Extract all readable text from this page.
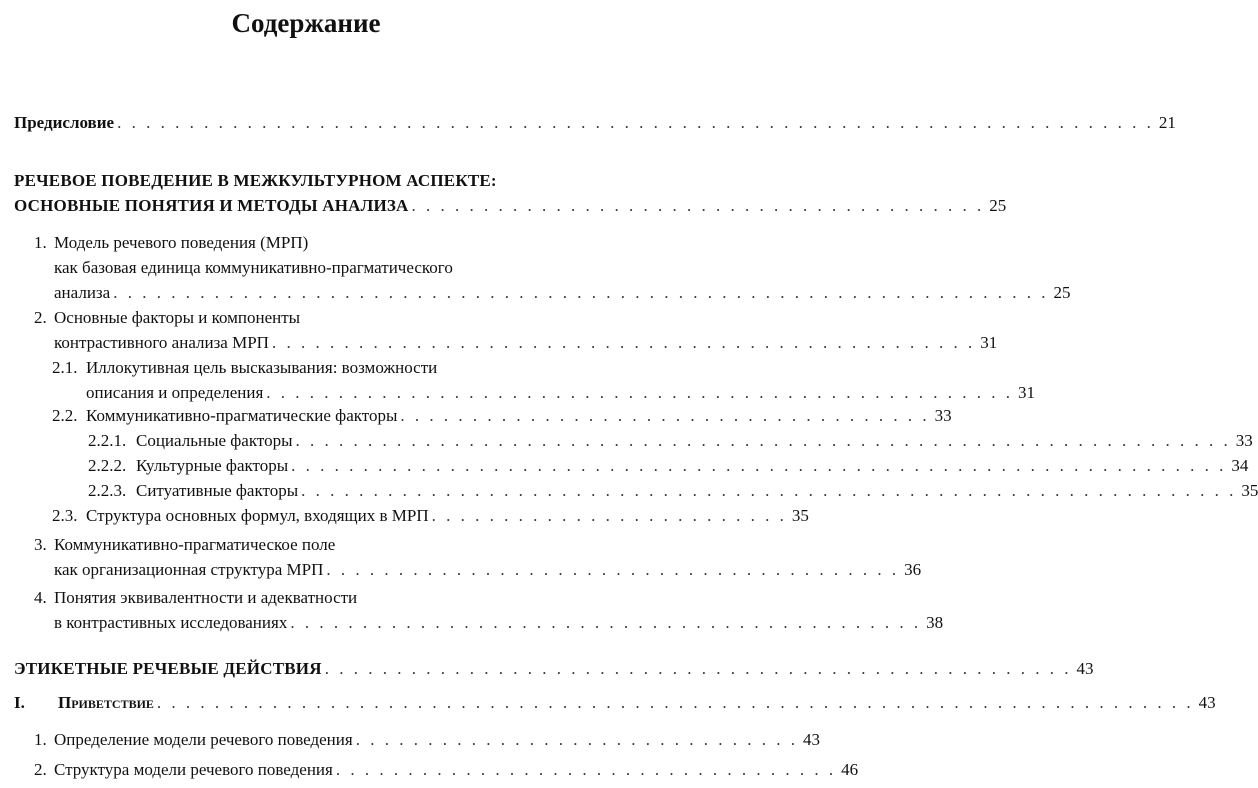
Содержание
Предисловие . . . . . . . . . . . . . . . . . . . . . . . . . . . . . . . . . . . . . . . . . . . . . . . . . . . . . . . . . . . . . . . . . . . . . . . . 21
РЕЧЕВОЕ ПОВЕДЕНИЕ В МЕЖКУЛЬТУРНОМ АСПЕКТЕ:
ОСНОВНЫЕ ПОНЯТИЯ И МЕТОДЫ АНАЛИЗА . . . . . . . . . . . . . . . . . . . . . . . . . . . . . . . . . . . . . . . . 25
1. Модель речевого поведения (МРП)
как базовая единица коммуникативно-прагматического
анализа . . . . . . . . . . . . . . . . . . . . . . . . . . . . . . . . . . . . . . . . . . . . . . . . . . . . . . . . . . . . . . . . . 25
2. Основные факторы и компоненты
контрастивного анализа МРП . . . . . . . . . . . . . . . . . . . . . . . . . . . . . . . . . . . . . . . . . . . . . . . . . 31
2.1. Иллокутивная цель высказывания: возможности
описания и определения . . . . . . . . . . . . . . . . . . . . . . . . . . . . . . . . . . . . . . . . . . . . . . . . . . . . 31
2.2. Коммуникативно-прагматические факторы . . . . . . . . . . . . . . . . . . . . . . . . . . . . . . . . . . . . . 33
2.2.1. Социальные факторы . . . . . . . . . . . . . . . . . . . . . . . . . . . . . . . . . . . . . . . . . . . . . . . . . . . . . . . . . . . . . . . . . 33
2.2.2. Культурные факторы . . . . . . . . . . . . . . . . . . . . . . . . . . . . . . . . . . . . . . . . . . . . . . . . . . . . . . . . . . . . . . . . . 34
2.2.3. Ситуативные факторы . . . . . . . . . . . . . . . . . . . . . . . . . . . . . . . . . . . . . . . . . . . . . . . . . . . . . . . . . . . . . . . . . 35
2.3. Структура основных формул, входящих в МРП . . . . . . . . . . . . . . . . . . . . . . . . . 35
3. Коммуникативно-прагматическое поле
как организационная структура МРП . . . . . . . . . . . . . . . . . . . . . . . . . . . . . . . . . . . . . . . . 36
4. Понятия эквивалентности и адекватности
в контрастивных исследованиях . . . . . . . . . . . . . . . . . . . . . . . . . . . . . . . . . . . . . . . . . . . . 38
ЭТИКЕТНЫЕ РЕЧЕВЫЕ ДЕЙСТВИЯ . . . . . . . . . . . . . . . . . . . . . . . . . . . . . . . . . . . . . . . . . . . . . . . . . . . . 43
I.	Приветствие . . . . . . . . . . . . . . . . . . . . . . . . . . . . . . . . . . . . . . . . . . . . . . . . . . . . . . . . . . . . . . . . . . . . . . . . 43
1. Определение модели речевого поведения . . . . . . . . . . . . . . . . . . . . . . . . . . . . . . . 43
2. Структура модели речевого поведения . . . . . . . . . . . . . . . . . . . . . . . . . . . . . . . . . . . 46
